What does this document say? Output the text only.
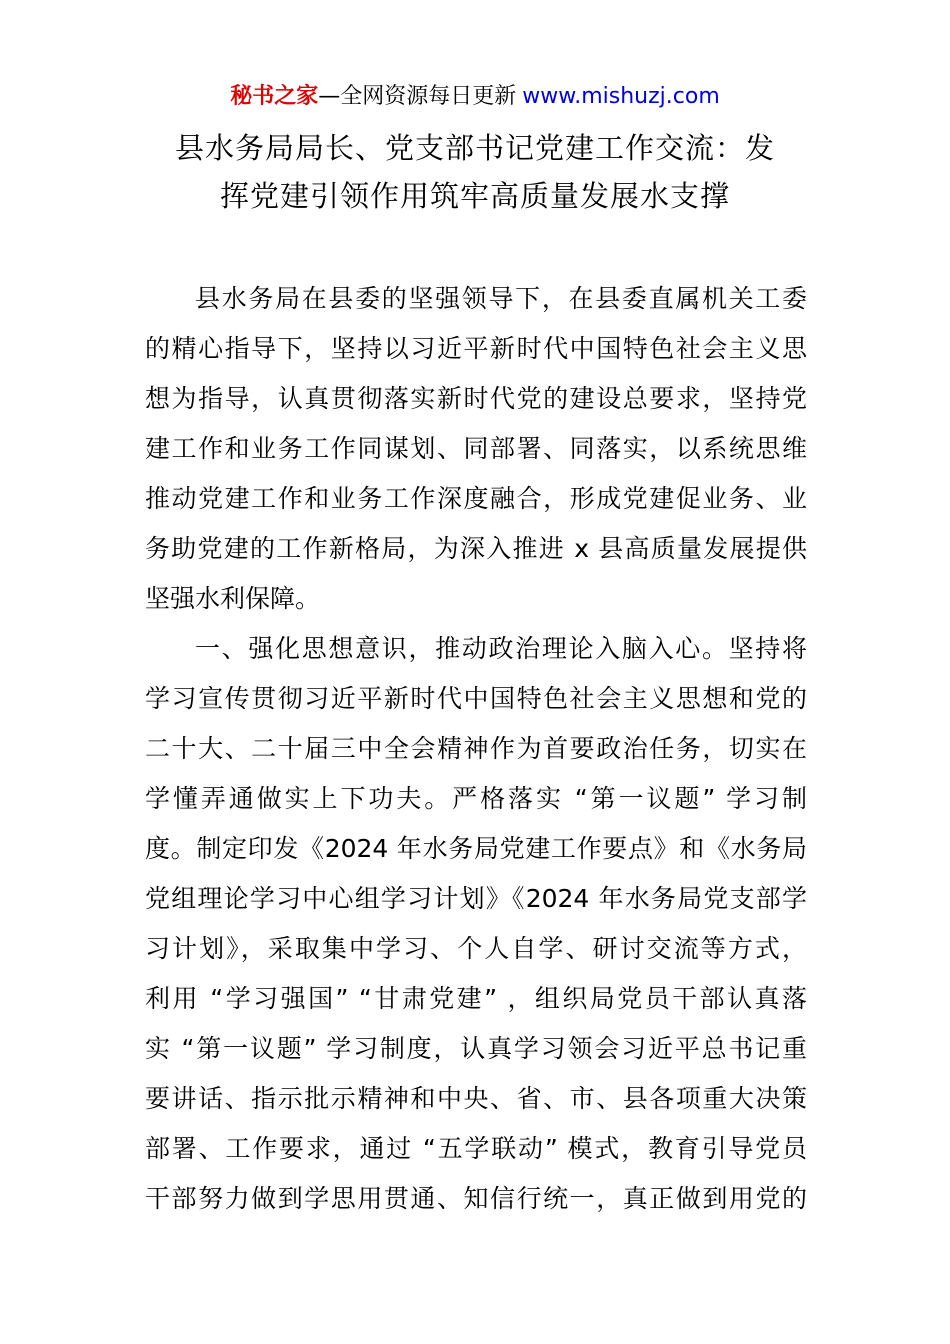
秘书之家—全网资源每日更新 www.mishuzj.com
县水务局局长、党支部书记党建工作交流：发
挥党建引领作用筑牢高质量发展水支撑
县水务局在县委的坚强领导下，在县委直属机关工委
的精心指导下，坚持以习近平新时代中国特色社会主义思
想为指导，认真贯彻落实新时代党的建设总要求，坚持党
建工作和业务工作同谋划、同部署、同落实，以系统思维
推动党建工作和业务工作深度融合，形成党建促业务、业
务助党建的工作新格局，为深入推进 x 县高质量发展提供
坚强水利保障。
一、强化思想意识，推动政治理论入脑入心。坚持将
学习宣传贯彻习近平新时代中国特色社会主义思想和党的
二十大、二十届三中全会精神作为首要政治任务，切实在
学懂弄通做实上下功夫。严格落实 “第一议题” 学习制
度。制定印发《2024 年水务局党建工作要点》和《水务局
党组理论学习中心组学习计划》《2024 年水务局党支部学
习计划》，采取集中学习、个人自学、研讨交流等方式，
利用 “学习强国” “甘肃党建” ，组织局党员干部认真落
实 “第一议题” 学习制度，认真学习领会习近平总书记重
要讲话、指示批示精神和中央、省、市、县各项重大决策
部署、工作要求，通过 “五学联动” 模式，教育引导党员
干部努力做到学思用贯通、知信行统一，真正做到用党的
